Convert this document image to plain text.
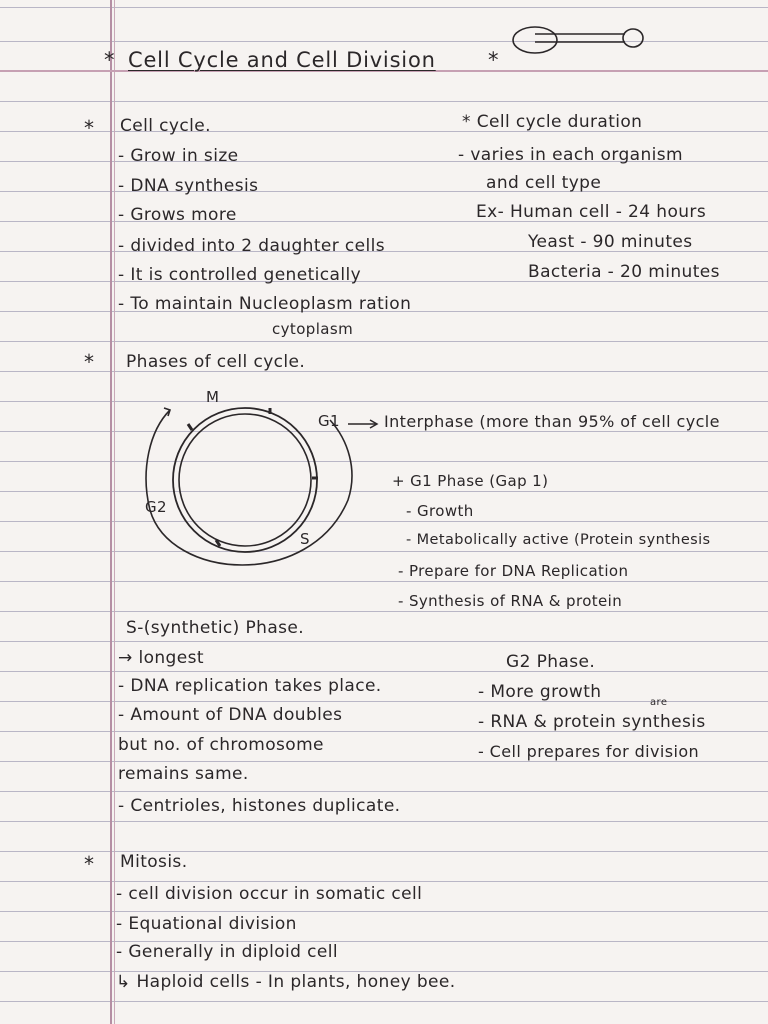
* Cell Cycle and Cell Division *
* Cell cycle.
- Grow in size
- DNA synthesis
- Grows more
- divided into 2 daughter cells
- It is controlled genetically
- To maintain Nucleoplasm ration
cytoplasm
* Cell cycle duration
- varies in each organism
and cell type
Ex- Human cell - 24 hours
Yeast - 90 minutes
Bacteria - 20 minutes
* Phases of cell cycle.
M
G1
G2
S
Interphase (more than 95% of cell cycle
+ G1 Phase (Gap 1)
- Growth
- Metabolically active (Protein synthesis
- Prepare for DNA Replication
- Synthesis of RNA & protein
S-(synthetic) Phase.
→ longest
- DNA replication takes place.
- Amount of DNA doubles
but no. of chromosome
remains same.
- Centrioles, histones duplicate.
G2 Phase.
- More growth
are
- RNA & protein synthesis
- Cell prepares for division
* Mitosis.
- cell division occur in somatic cell
- Equational division
- Generally in diploid cell
↳ Haploid cells - In plants, honey bee.
